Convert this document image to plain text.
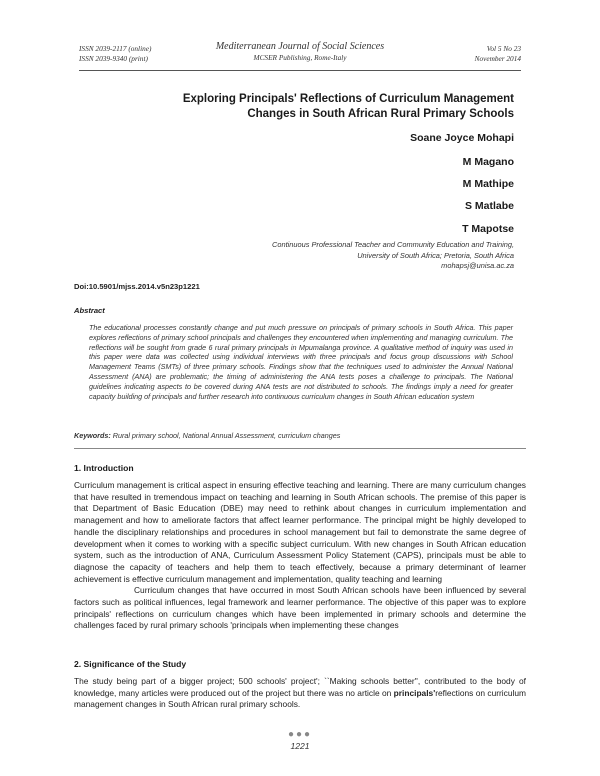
ISSN 2039-2117 (online)
ISSN 2039-9340 (print)
Mediterranean Journal of Social Sciences
MCSER Publishing, Rome-Italy
Vol 5 No 23
November 2014
Exploring Principals' Reflections of Curriculum Management
Changes in South African Rural Primary Schools
Soane Joyce Mohapi
M Magano
M Mathipe
S Matlabe
T Mapotse
Continuous Professional Teacher and Community Education and Training,
University of South Africa; Pretoria, South Africa
mohapsj@unisa.ac.za
Doi:10.5901/mjss.2014.v5n23p1221
Abstract
The educational processes constantly change and put much pressure on principals of primary schools in South Africa. This paper explores reflections of primary school principals and challenges they encountered when implementing and managing curriculum. The reflections will be sought from grade 6 rural primary principals in Mpumalanga province. A qualitative method of inquiry was used in this paper were data was collected using individual interviews with three principals and focus group discussions with School Management Teams (SMTs) of three primary schools. Findings show that the techniques used to administer the Annual National Assessment (ANA) are problematic; the timing of administering the ANA tests poses a challenge to principals. The National guidelines indicating aspects to be covered during ANA tests are not distributed to schools. The findings imply a need for greater capacity building of principals and further research into continuous curriculum changes in South African education system
Keywords: Rural primary school, National Annual Assessment, curriculum changes
1. Introduction

Curriculum management is critical aspect in ensuring effective teaching and learning. There are many curriculum changes that have resulted in tremendous impact on teaching and learning in South African schools. The premise of this paper is that Department of Basic Education (DBE) may need to rethink about changes in curriculum implementation and management and how to ameliorate factors that affect learner performance. The principal might be highly developed to handle the disciplinary relationships and procedures in school management but fail to demonstrate the same degree of development when it comes to working with a specific subject curriculum. With new changes in South African education system, such as the introduction of ANA, Curriculum Assessment Policy Statement (CAPS), principals must be able to diagnose the capacity of teachers and help them to teach effectively, because a primary determinant of learner achievement is effective curriculum management and implementation, quality teaching and learning

Curriculum changes that have occurred in most South African schools have been influenced by several factors such as political influences, legal framework and learner performance. The objective of this paper was to explore principals' reflections on curriculum changes which have been implemented in primary schools and determine the challenges faced by rural primary schools 'principals when implementing these changes

2. Significance of the Study

The study being part of a bigger project; 500 schools' project'; ``Making schools better'', contributed to the body of knowledge, many articles were produced out of the project but there was no article on principals'reflections on curriculum management changes in South African rural primary schools.

●●●
1221
